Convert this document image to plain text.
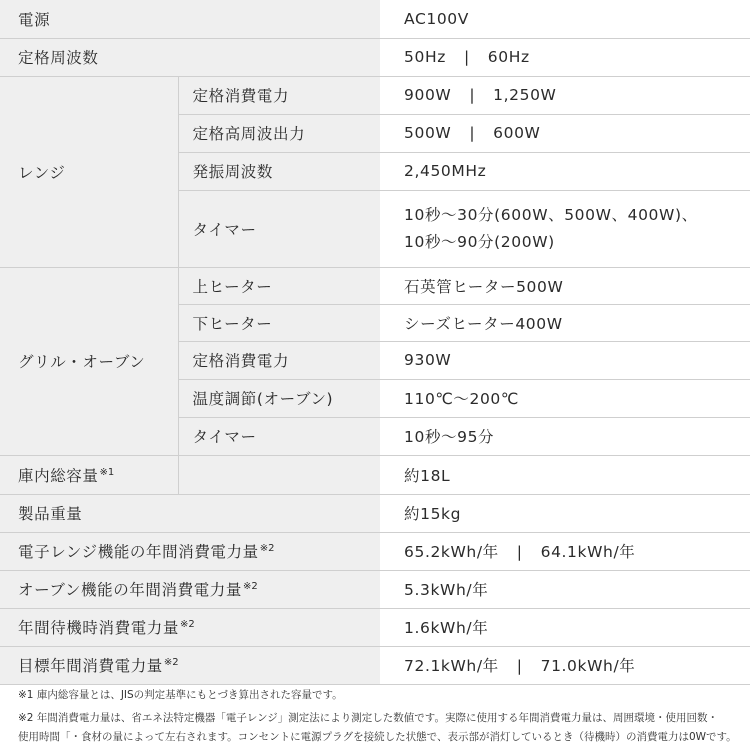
電源		AC100V
定格周波数		50Hz | 60Hz
レンジ	定格消費電力	900W | 1,250W
	定格高周波出力	500W | 600W
	発振周波数	2,450MHz
	タイマー	10秒～30分(600W、500W、400W)、
10秒～90分(200W)

グリル・オーブン	上ヒーター	石英管ヒーター500W
	下ヒーター	シーズヒーター400W
	定格消費電力	930W
	温度調節(オーブン)	110℃～200℃
	タイマー	10秒～95分
庫内総容量$^{※1}$		約18L
製品重量		約15kg
電子レンジ機能の年間消費電力量$^{※2}$		65.2kWh/年 | 64.1kWh/年
オーブン機能の年間消費電力量$^{※2}$		5.3kWh/年
年間待機時消費電力量$^{※2}$		1.6kWh/年
目標年間消費電力量$^{※2}$		72.1kWh/年 | 71.0kWh/年

※1 庫内総容量とは、JISの判定基準にもとづき算出された容量です。

※2 年間消費電力量は、省エネ法特定機器「電子レンジ」測定法により測定した数値です。実際に使用する年間消費電力量は、周囲環境・使用回数・

使用時間「・食材の量によって左右されます。コンセントに電源プラグを接続した状態で、表示部が消灯しているとき（待機時）の消費電力は0Wです。
